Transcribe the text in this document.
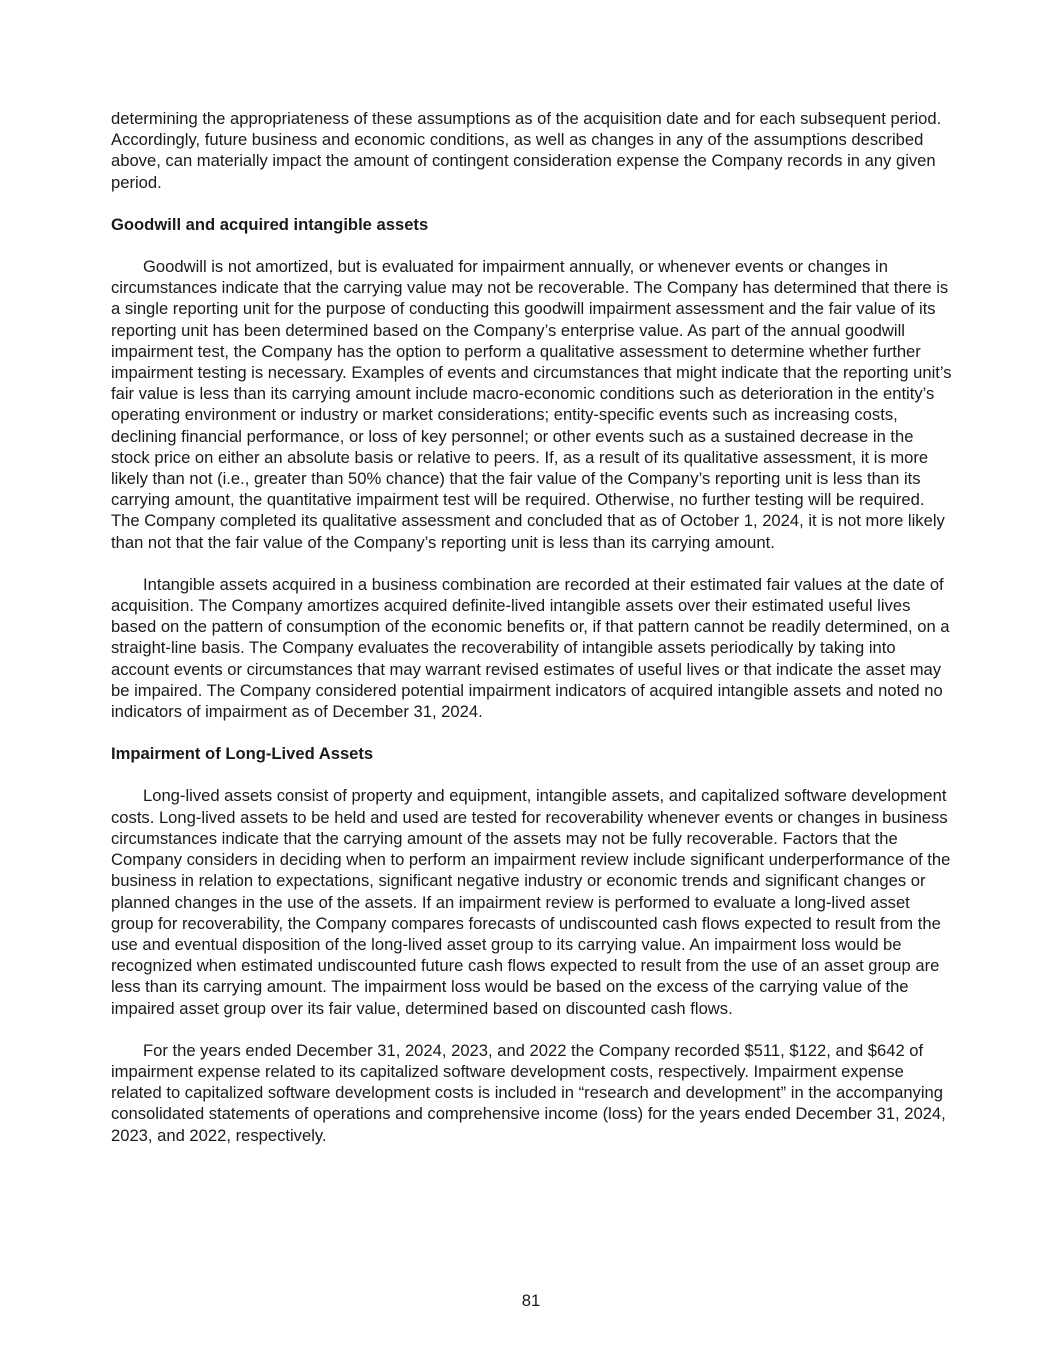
determining the appropriateness of these assumptions as of the acquisition date and for each subsequent period. Accordingly, future business and economic conditions, as well as changes in any of the assumptions described above, can materially impact the amount of contingent consideration expense the Company records in any given period.

Goodwill and acquired intangible assets

Goodwill is not amortized, but is evaluated for impairment annually, or whenever events or changes in circumstances indicate that the carrying value may not be recoverable. The Company has determined that there is a single reporting unit for the purpose of conducting this goodwill impairment assessment and the fair value of its reporting unit has been determined based on the Company’s enterprise value. As part of the annual goodwill impairment test, the Company has the option to perform a qualitative assessment to determine whether further impairment testing is necessary. Examples of events and circumstances that might indicate that the reporting unit’s fair value is less than its carrying amount include macro-economic conditions such as deterioration in the entity’s operating environment or industry or market considerations; entity-specific events such as increasing costs, declining financial performance, or loss of key personnel; or other events such as a sustained decrease in the stock price on either an absolute basis or relative to peers. If, as a result of its qualitative assessment, it is more likely than not (i.e., greater than 50% chance) that the fair value of the Company’s reporting unit is less than its carrying amount, the quantitative impairment test will be required. Otherwise, no further testing will be required. The Company completed its qualitative assessment and concluded that as of October 1, 2024, it is not more likely than not that the fair value of the Company’s reporting unit is less than its carrying amount.

Intangible assets acquired in a business combination are recorded at their estimated fair values at the date of acquisition. The Company amortizes acquired definite-lived intangible assets over their estimated useful lives based on the pattern of consumption of the economic benefits or, if that pattern cannot be readily determined, on a straight-line basis. The Company evaluates the recoverability of intangible assets periodically by taking into account events or circumstances that may warrant revised estimates of useful lives or that indicate the asset may be impaired. The Company considered potential impairment indicators of acquired intangible assets and noted no indicators of impairment as of December 31, 2024.

Impairment of Long-Lived Assets

Long-lived assets consist of property and equipment, intangible assets, and capitalized software development costs. Long-lived assets to be held and used are tested for recoverability whenever events or changes in business circumstances indicate that the carrying amount of the assets may not be fully recoverable. Factors that the Company considers in deciding when to perform an impairment review include significant underperformance of the business in relation to expectations, significant negative industry or economic trends and significant changes or planned changes in the use of the assets. If an impairment review is performed to evaluate a long-lived asset group for recoverability, the Company compares forecasts of undiscounted cash flows expected to result from the use and eventual disposition of the long-lived asset group to its carrying value. An impairment loss would be recognized when estimated undiscounted future cash flows expected to result from the use of an asset group are less than its carrying amount. The impairment loss would be based on the excess of the carrying value of the impaired asset group over its fair value, determined based on discounted cash flows.

For the years ended December 31, 2024, 2023, and 2022 the Company recorded $511, $122, and $642 of impairment expense related to its capitalized software development costs, respectively. Impairment expense related to capitalized software development costs is included in “research and development” in the accompanying consolidated statements of operations and comprehensive income (loss) for the years ended December 31, 2024, 2023, and 2022, respectively.

81
